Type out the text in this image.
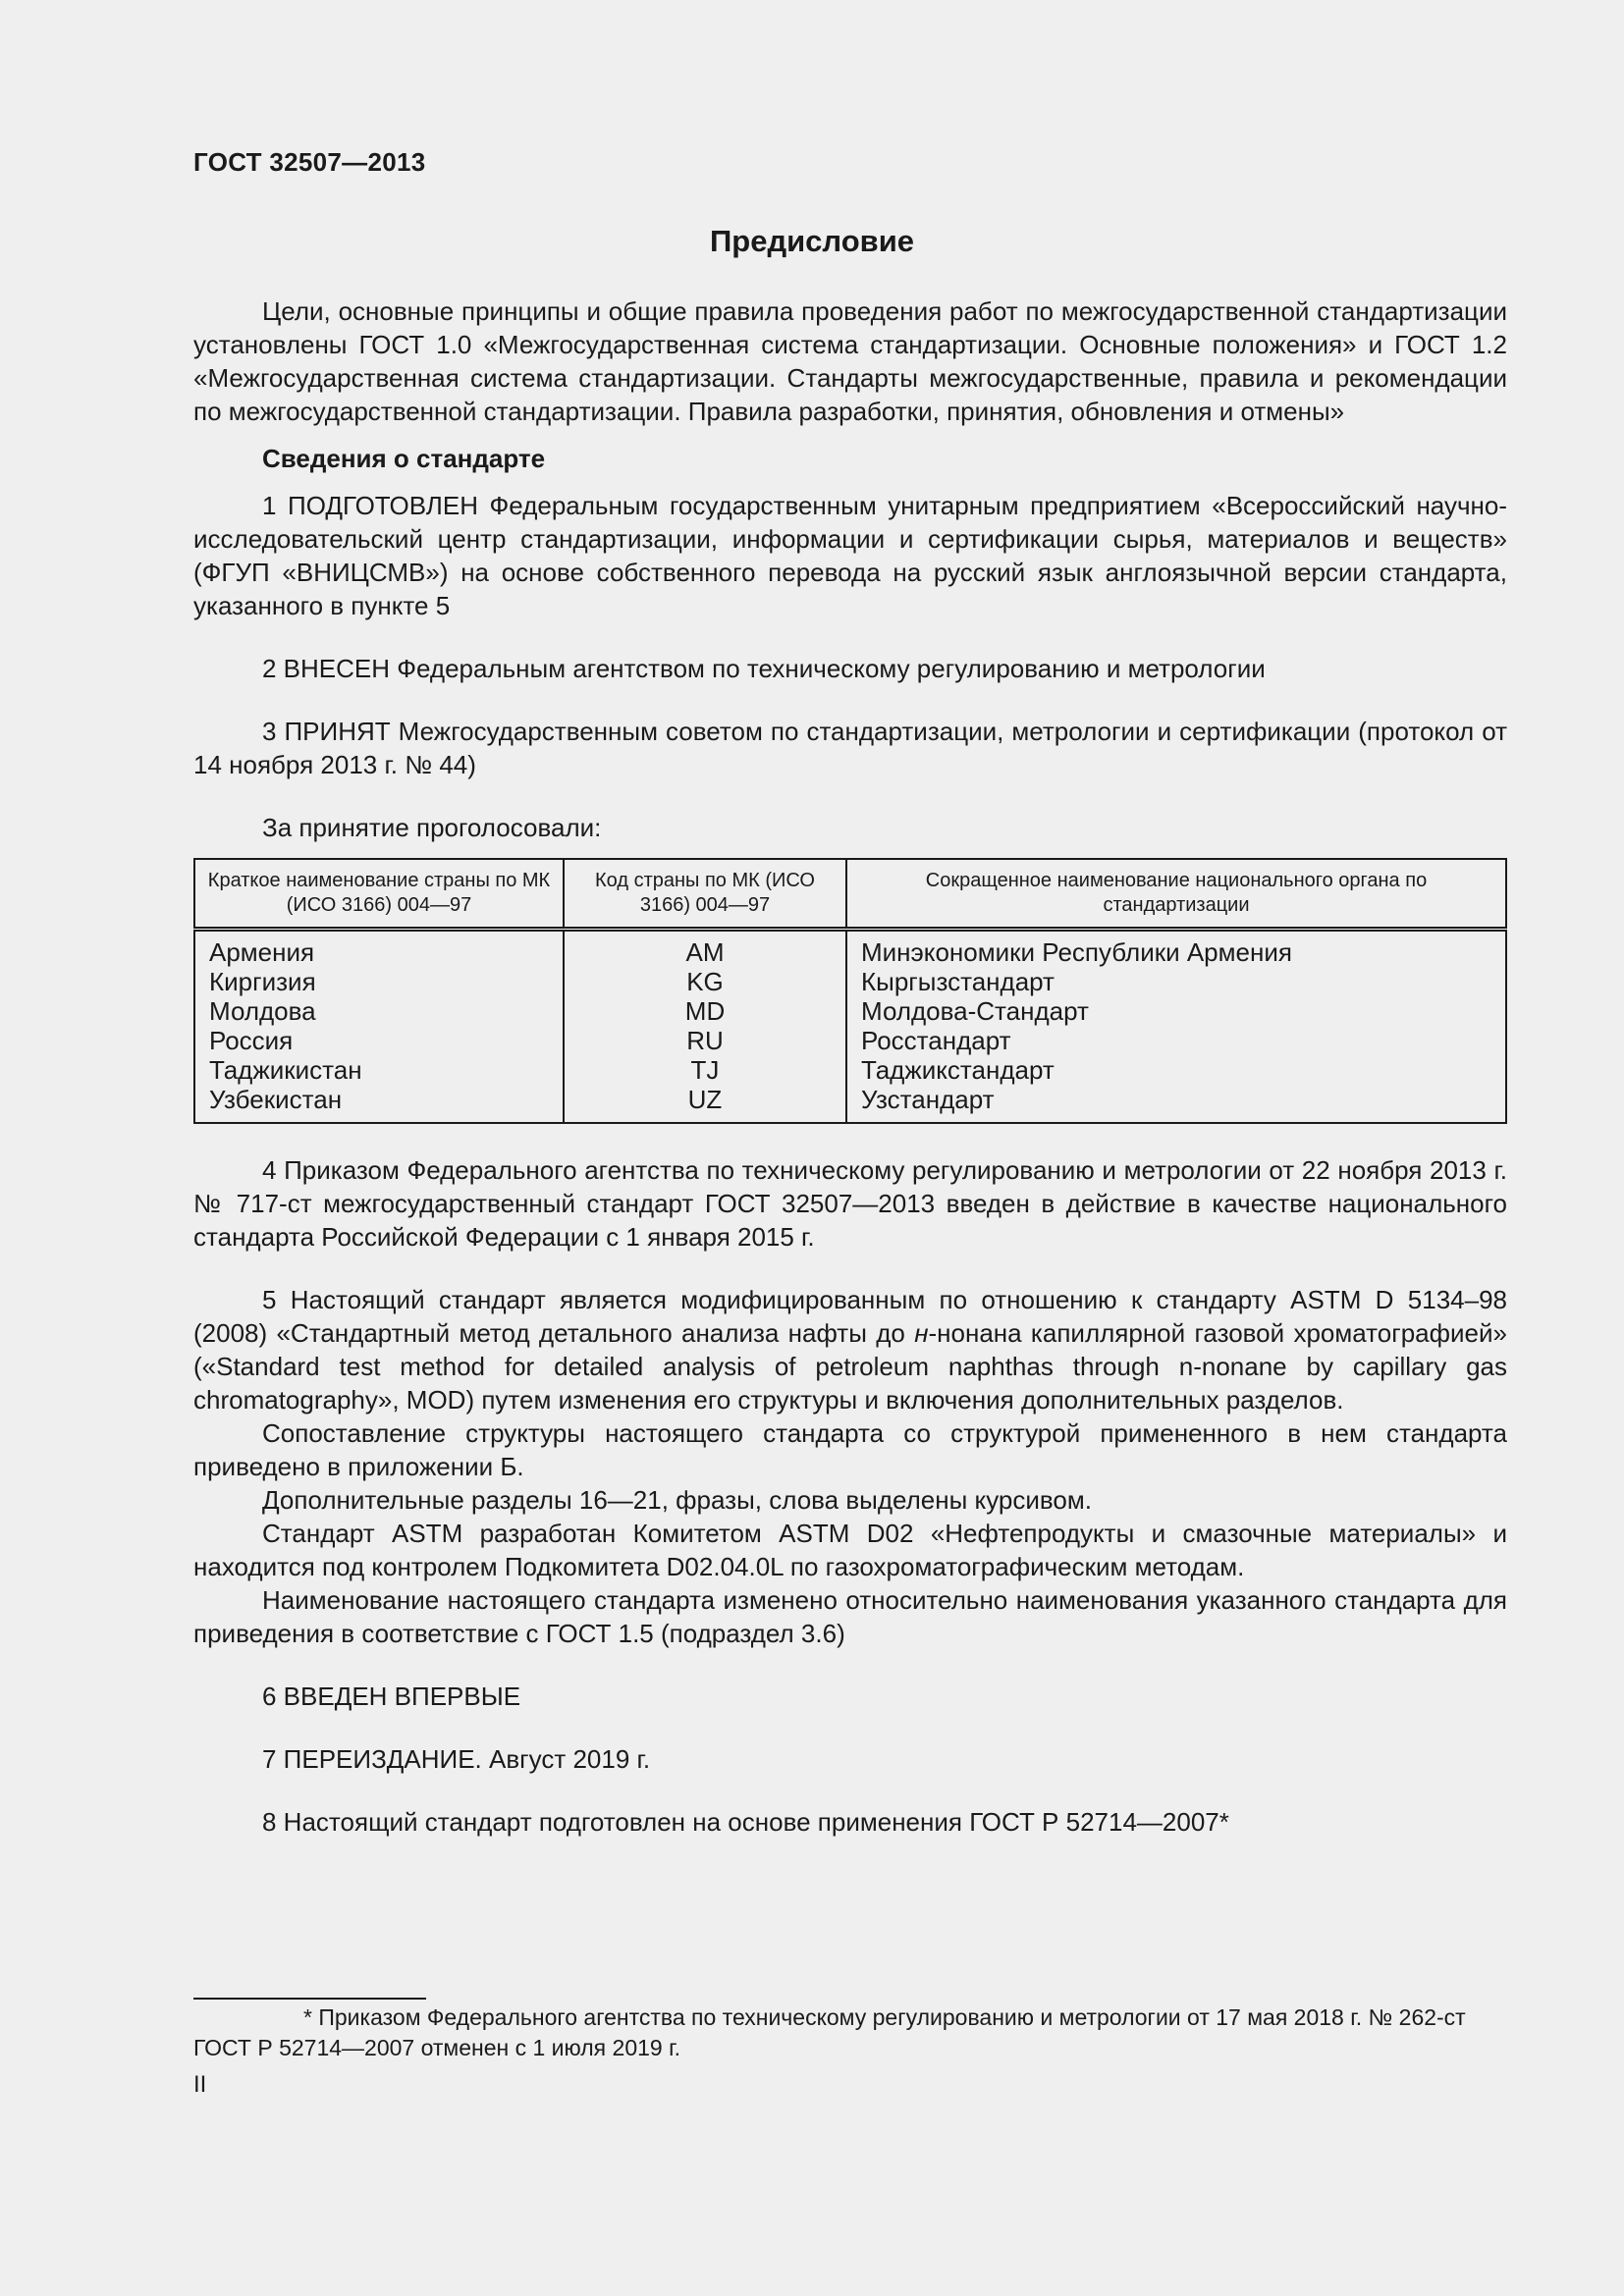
ГОСТ 32507—2013
Предисловие

Цели, основные принципы и общие правила проведения работ по межгосударственной стандартизации установлены ГОСТ 1.0 «Межгосударственная система стандартизации. Основные положения» и ГОСТ 1.2 «Межгосударственная система стандартизации. Стандарты межгосударственные, правила и рекомендации по межгосударственной стандартизации. Правила разработки, принятия, обновления и отмены»

Сведения о стандарте

1 ПОДГОТОВЛЕН Федеральным государственным унитарным предприятием «Всероссийский научно-исследовательский центр стандартизации, информации и сертификации сырья, материалов и веществ» (ФГУП «ВНИЦСМВ») на основе собственного перевода на русский язык англоязычной версии стандарта, указанного в пункте 5

2 ВНЕСЕН Федеральным агентством по техническому регулированию и метрологии

3 ПРИНЯТ Межгосударственным советом по стандартизации, метрологии и сертификации (протокол от 14 ноября 2013 г. № 44)

За принятие проголосовали:

Краткое наименование страны по МК (ИСО 3166) 004—97	Код страны по МК (ИСО 3166) 004—97	Сокращенное наименование национального органа по стандартизации
Армения	AM	Минэкономики Республики Армения
Киргизия	KG	Кыргызстандарт
Молдова	MD	Молдова-Стандарт
Россия	RU	Росстандарт
Таджикистан	TJ	Таджикстандарт
Узбекистан	UZ	Узстандарт

4 Приказом Федерального агентства по техническому регулированию и метрологии от 22 ноября 2013 г. № 717-ст межгосударственный стандарт ГОСТ 32507—2013 введен в действие в качестве национального стандарта Российской Федерации с 1 января 2015 г.

5 Настоящий стандарт является модифицированным по отношению к стандарту ASTM D 5134–98 (2008) «Стандартный метод детального анализа нафты до н-нонана капиллярной газовой хроматографией» («Standard test method for detailed analysis of petroleum naphthas through n-nonane by capillary gas chromatography», MOD) путем изменения его структуры и включения дополнительных разделов.

Сопоставление структуры настоящего стандарта со структурой примененного в нем стандарта приведено в приложении Б.

Дополнительные разделы 16—21, фразы, слова выделены курсивом.

Стандарт ASTM разработан Комитетом ASTM D02 «Нефтепродукты и смазочные материалы» и находится под контролем Подкомитета D02.04.0L по газохроматографическим методам.

Наименование настоящего стандарта изменено относительно наименования указанного стандарта для приведения в соответствие с ГОСТ 1.5 (подраздел 3.6)

6 ВВЕДЕН ВПЕРВЫЕ

7 ПЕРЕИЗДАНИЕ. Август 2019 г.

8 Настоящий стандарт подготовлен на основе применения ГОСТ Р 52714—2007*

* Приказом Федерального агентства по техническому регулированию и метрологии от 17 мая 2018 г. № 262-ст

ГОСТ Р 52714—2007 отменен с 1 июля 2019 г.

II
